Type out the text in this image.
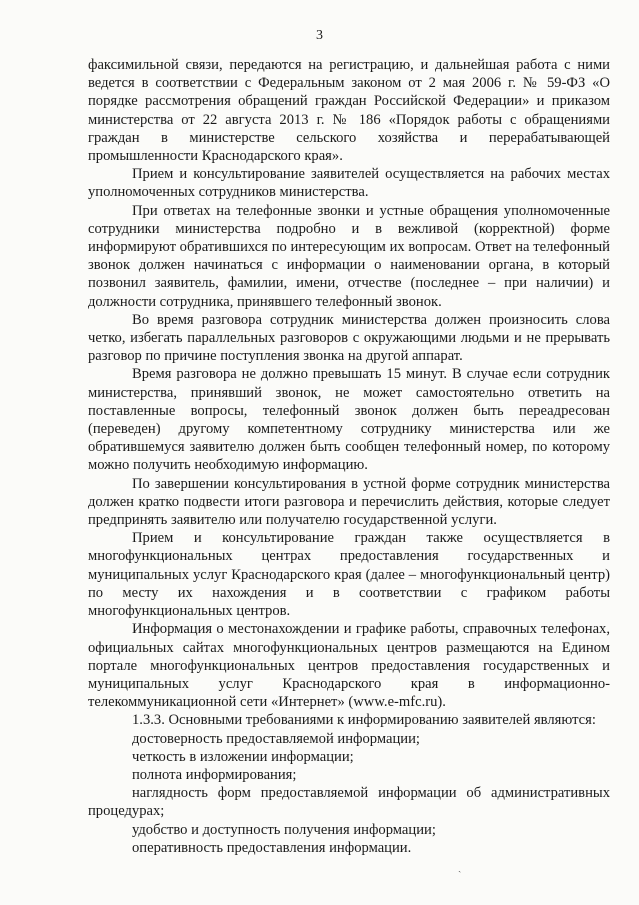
3

факсимильной связи, передаются на регистрацию, и дальнейшая работа с ними ведется в соответствии с Федеральным законом от 2 мая 2006 г. № 59-ФЗ «О порядке рассмотрения обращений граждан Российской Федерации» и приказом министерства от 22 августа 2013 г. № 186 «Порядок работы с обращениями граждан в министерстве сельского хозяйства и перерабатывающей промышленности Краснодарского края».

Прием и консультирование заявителей осуществляется на рабочих местах уполномоченных сотрудников министерства.

При ответах на телефонные звонки и устные обращения уполномоченные сотрудники министерства подробно и в вежливой (корректной) форме информируют обратившихся по интересующим их вопросам. Ответ на телефонный звонок должен начинаться с информации о наименовании органа, в который позвонил заявитель, фамилии, имени, отчестве (последнее – при наличии) и должности сотрудника, принявшего телефонный звонок.

Во время разговора сотрудник министерства должен произносить слова четко, избегать параллельных разговоров с окружающими людьми и не прерывать разговор по причине поступления звонка на другой аппарат.

Время разговора не должно превышать 15 минут. В случае если сотрудник министерства, принявший звонок, не может самостоятельно ответить на поставленные вопросы, телефонный звонок должен быть переадресован (переведен) другому компетентному сотруднику министерства или же обратившемуся заявителю должен быть сообщен телефонный номер, по которому можно получить необходимую информацию.

По завершении консультирования в устной форме сотрудник министерства должен кратко подвести итоги разговора и перечислить действия, которые следует предпринять заявителю или получателю государственной услуги.

Прием и консультирование граждан также осуществляется в многофункциональных центрах предоставления государственных и муниципальных услуг Краснодарского края (далее – многофункциональный центр) по месту их нахождения и в соответствии с графиком работы многофункциональных центров.

Информация о местонахождении и графике работы, справочных телефонах, официальных сайтах многофункциональных центров размещаются на Едином портале многофункциональных центров предоставления государственных и муниципальных услуг Краснодарского края в информационно-телекоммуникационной сети «Интернет» (www.e-mfc.ru).

1.3.3. Основными требованиями к информированию заявителей являются:

достоверность предоставляемой информации;

четкость в изложении информации;

полнота информирования;

наглядность форм предоставляемой информации об административных процедурах;

удобство и доступность получения информации;

оперативность предоставления информации.

ˎ
